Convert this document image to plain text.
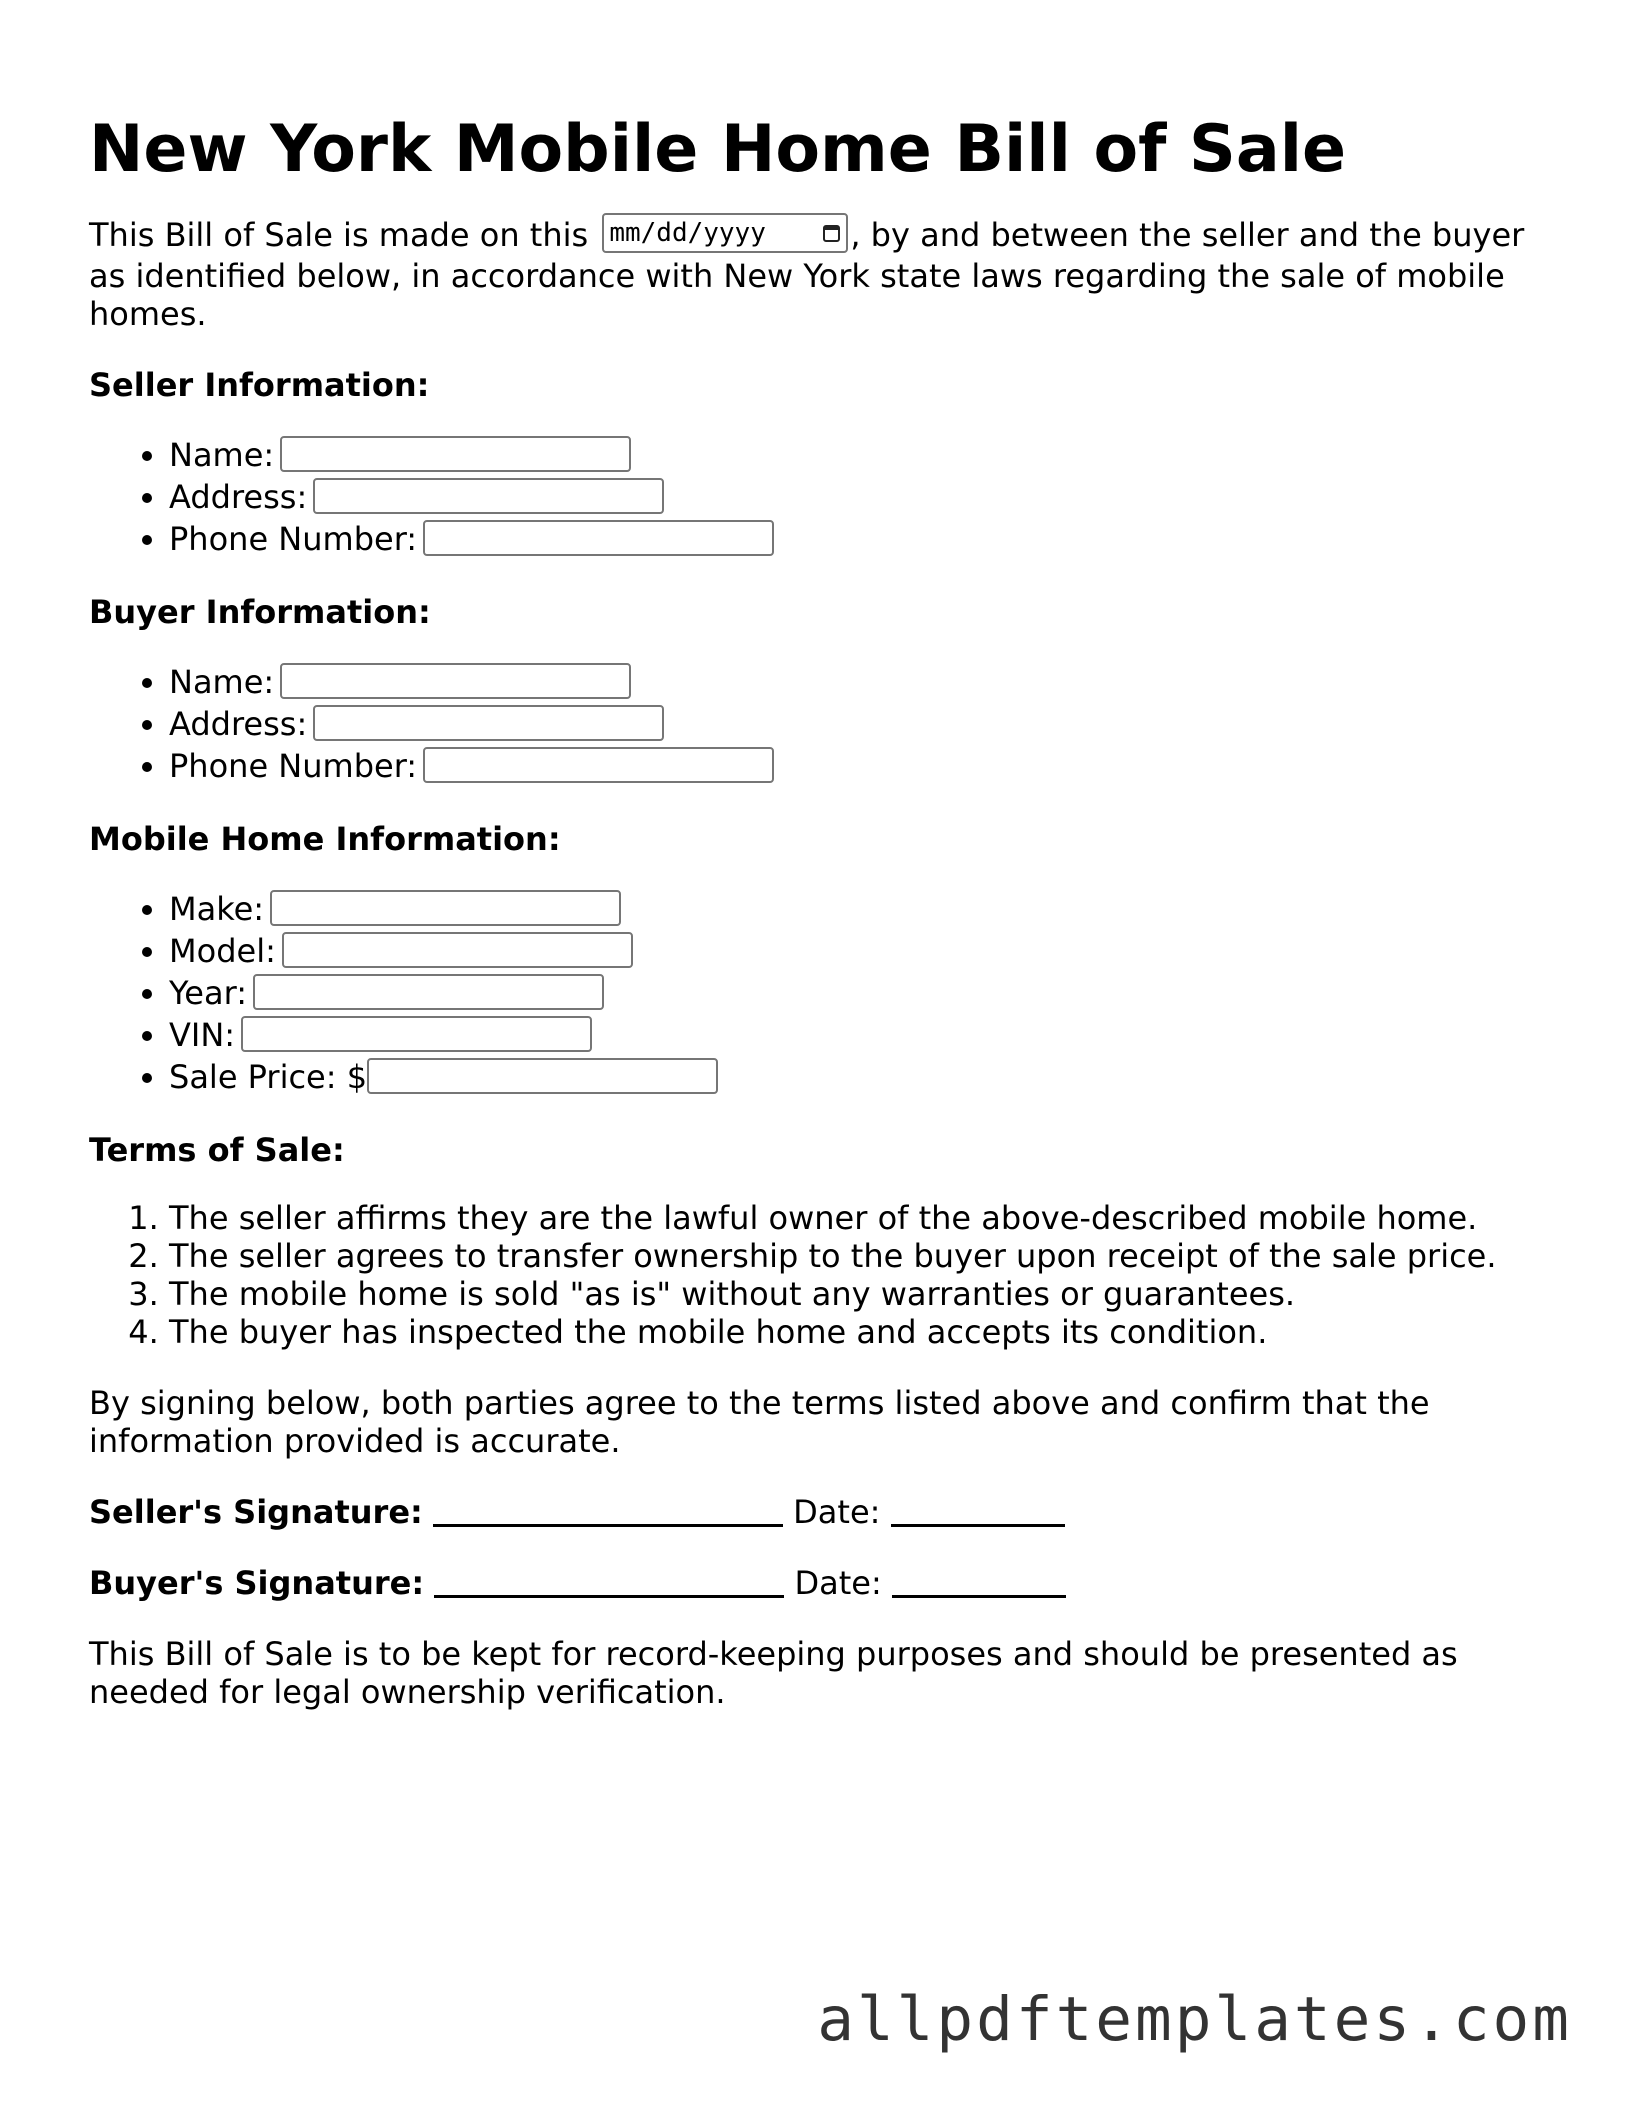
New York Mobile Home Bill of Sale

This Bill of Sale is made on this mm/dd/yyyy	, by and between the seller and the buyer as identified below, in accordance with New York state laws regarding the sale of mobile homes.

Seller Information:

• Name:
• Address:
• Phone Number:

Buyer Information:

• Name:
• Address:
• Phone Number:

Mobile Home Information:

• Make:
• Model:
• Year:
• VIN:
• Sale Price: $

Terms of Sale:

1. The seller affirms they are the lawful owner of the above-described mobile home.
2. The seller agrees to transfer ownership to the buyer upon receipt of the sale price.
3. The mobile home is sold "as is" without any warranties or guarantees.
4. The buyer has inspected the mobile home and accepts its condition.

By signing below, both parties agree to the terms listed above and confirm that the information provided is accurate.

Seller's Signature:	Date:

Buyer's Signature:	Date:

This Bill of Sale is to be kept for record-keeping purposes and should be presented as needed for legal ownership verification.

allpdftemplates.com
